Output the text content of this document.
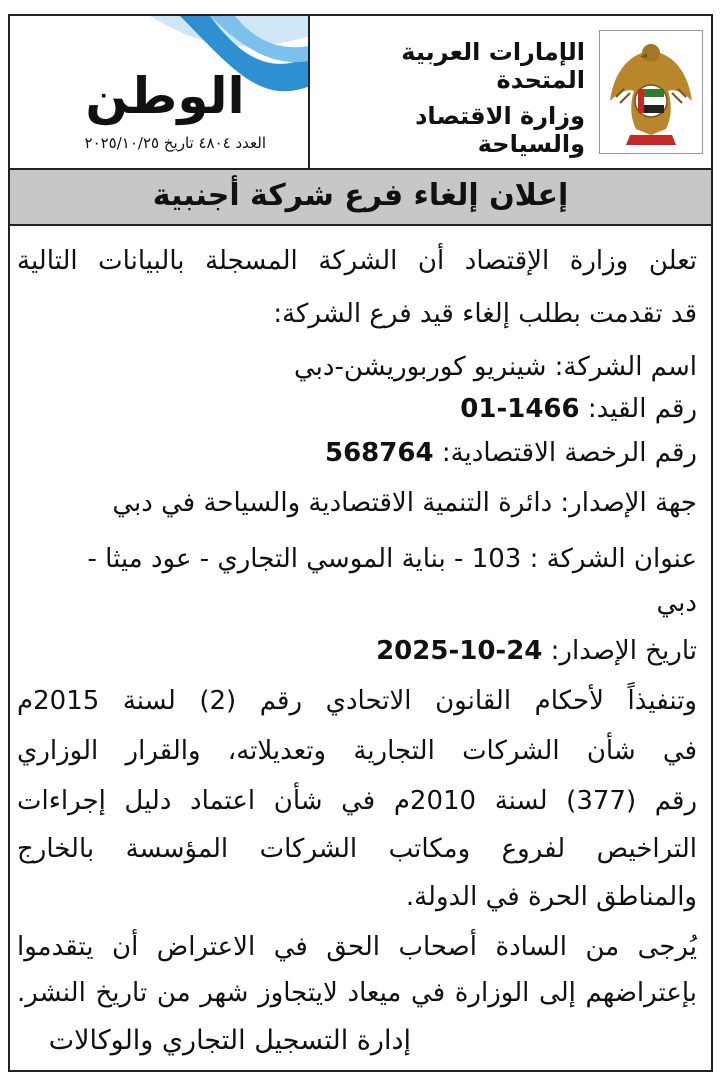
الوطن
العدد ٤٨٠٤ تاريخ ٢٠٢٥/١٠/٢٥
الإمارات العربية المتحدة
وزارة الاقتصاد والسياحة
إعلان إلغاء فرع شركة أجنبية
تعلن وزارة الإقتصاد أن الشركة المسجلة بالبيانات التالية
قد تقدمت بطلب إلغاء قيد فرع الشركة:
اسم الشركة: شينريو كوربوريشن-دبي
رقم القيد: 01-1466
رقم الرخصة الاقتصادية: 568764
جهة الإصدار: دائرة التنمية الاقتصادية والسياحة في دبي
عنوان الشركة : 103 - بناية الموسي التجاري - عود ميثا -
دبي
تاريخ الإصدار: 2025-10-24
وتنفيذاً لأحكام القانون الاتحادي رقم (2) لسنة 2015م
في شأن الشركات التجارية وتعديلاته، والقرار الوزاري
رقم (377) لسنة 2010م في شأن اعتماد دليل إجراءات
التراخيص لفروع ومكاتب الشركات المؤسسة بالخارج
والمناطق الحرة في الدولة.
يُرجى من السادة أصحاب الحق في الاعتراض أن يتقدموا
بإعتراضهم إلى الوزارة في ميعاد لايتجاوز شهر من تاريخ النشر.
إدارة التسجيل التجاري والوكالات
